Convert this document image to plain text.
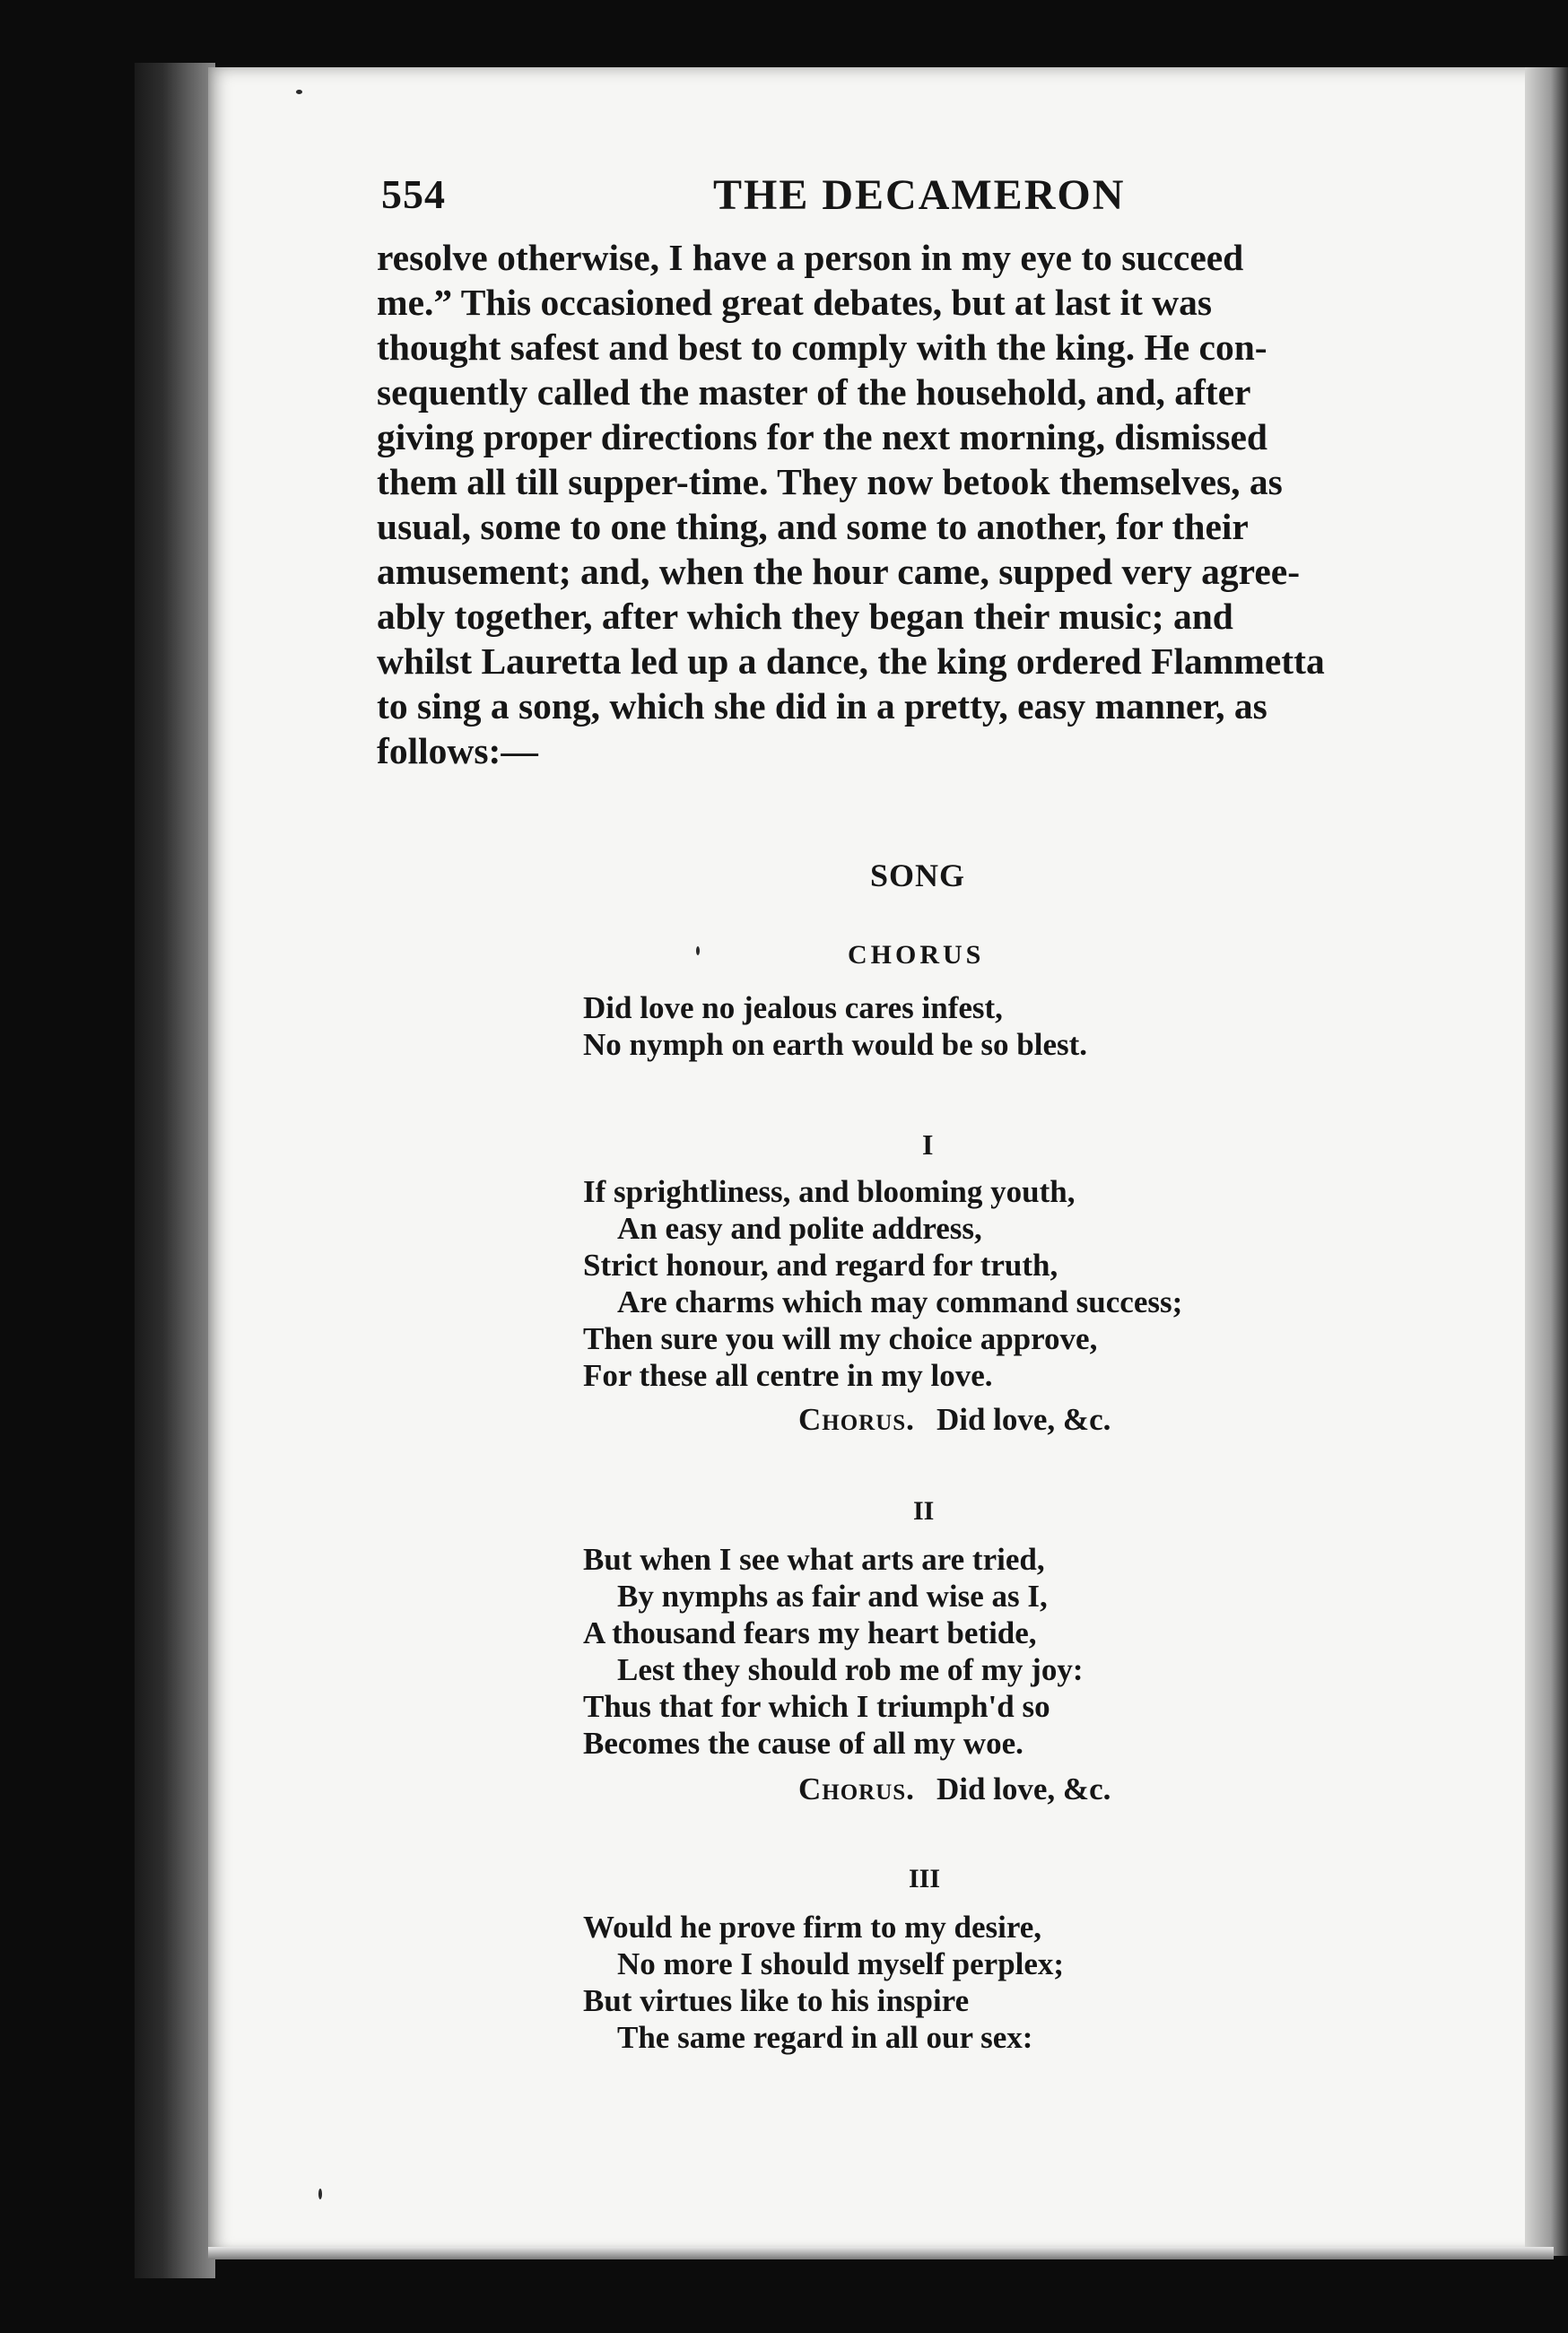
554	THE DECAMERON

resolve otherwise, I have a person in my eye to succeed

me.” This occasioned great debates, but at last it was

thought safest and best to comply with the king. He con-

sequently called the master of the household, and, after

giving proper directions for the next morning, dismissed

them all till supper-time. They now betook themselves, as

usual, some to one thing, and some to another, for their

amusement; and, when the hour came, supped very agree-

ably together, after which they began their music; and

whilst Lauretta led up a dance, the king ordered Flammetta

to sing a song, which she did in a pretty, easy manner, as

follows:—

SONG
CHORUS
Did love no jealous cares infest,
No nymph on earth would be so blest.
I
If sprightliness, and blooming youth,
An easy and polite address,
Strict honour, and regard for truth,
Are charms which may command success;
Then sure you will my choice approve,
For these all centre in my love.
Chorus. Did love, &c.
II
But when I see what arts are tried,
By nymphs as fair and wise as I,
A thousand fears my heart betide,
Lest they should rob me of my joy:
Thus that for which I triumph'd so
Becomes the cause of all my woe.
Chorus. Did love, &c.
III
Would he prove firm to my desire,
No more I should myself perplex;
But virtues like to his inspire
The same regard in all our sex:
